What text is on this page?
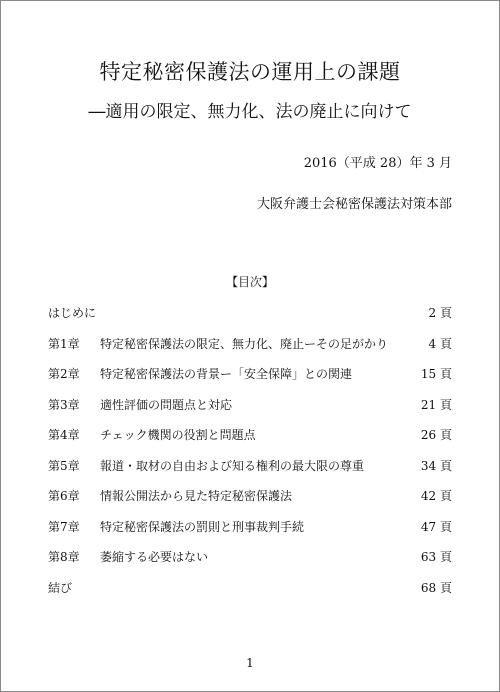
特定秘密保護法の運用上の課題
―適用の限定、無力化、法の廃止に向けて
2016（平成 28）年 3 月
大阪弁護士会秘密保護法対策本部
【目次】
はじめに	2 頁
第1章 特定秘密保護法の限定、無力化、廃止ーその足がかり	4 頁
第2章 特定秘密保護法の背景ー「安全保障」との関連	15 頁
第3章 適性評価の問題点と対応	21 頁
第4章 チェック機関の役割と問題点	26 頁
第5章 報道・取材の自由および知る権利の最大限の尊重	34 頁
第6章 情報公開法から見た特定秘密保護法	42 頁
第7章 特定秘密保護法の罰則と刑事裁判手続	47 頁
第8章 萎縮する必要はない	63 頁
結び	68 頁
1
